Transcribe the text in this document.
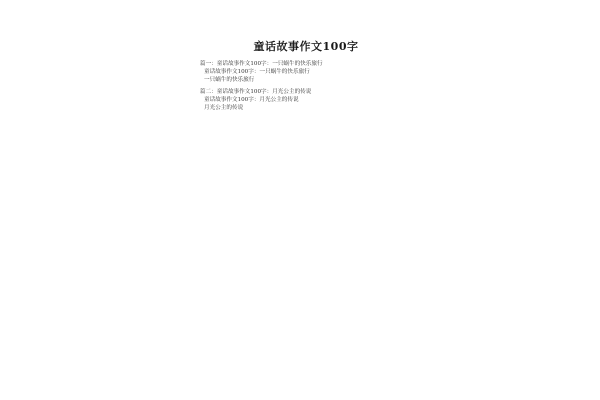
童话故事作文100字

篇一：童话故事作文100字：一只蜗牛的快乐旅行

童话故事作文100字：一只蜗牛的快乐旅行

一只蜗牛的快乐旅行

篇二：童话故事作文100字：月光公主的传说

童话故事作文100字：月光公主的传说

月光公主的传说
